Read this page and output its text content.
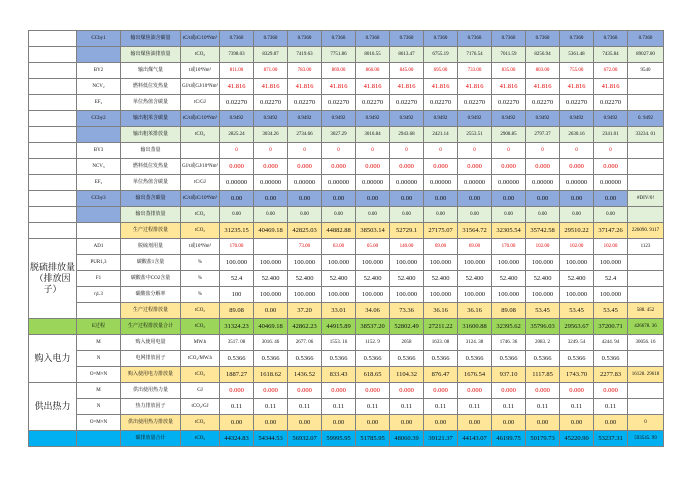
	CCby1	输出煤焦油含碳量	tC/t或tC/10⁴Nm³	0.7360	0.7360	0.7360	0.7360	0.7360	0.7360	0.7360	0.7360	0.7360	0.7360	0.7360	0.7360	0.7360
		输出煤焦油排放量	tCO₂	7398.03	8329.87	7419.63	7751.86	8016.55	8613.47	6755.19	7176.54	7011.59	8256.94	5361.48	7435.84	89027.00
	BY2	输出煤气量	t或10⁴Nm³	811.00	871.00	783.00	869.00	866.00	845.00	695.00	733.00	835.00	803.00	755.00	672.00	9540
	NCV₂	燃料低位发热量	GJ/t或GJ/10⁴Nm³	41.816	41.816	41.816	41.816	41.816	41.816	41.816	41.816	41.816	41.816	41.816	41.816	
	EF₂	单位热值含碳量	tC/GJ	0.02270	0.02270	0.02270	0.02270	0.02270	0.02270	0.02270	0.02270	0.02270	0.02270	0.02270	0.02270	
	CCby2	输出粗苯含碳量	tC/t或tC/10⁴Nm³	0.9492	0.9492	0.9492	0.9492	0.9492	0.9492	0.9492	0.9492	0.9492	0.9492	0.9492	0.9492	0. 9492
		输出粗苯排放量	tCO₂	2825.24	3034.26	2734.66	3027.29	3016.84	2943.68	2421.14	2553.51	2908.85	2797.37	2630.16	2341.01	33234. 01
	BY3	输出蒸量		0	0	0	0	0	0	0	0	0	0	0	0	
	NCV₃	燃料低位发热量	GJ/t或GJ/10⁴Nm³	0.000	0.000	0.000	0.000	0.000	0.000	0.000	0.000	0.000	0.000	0.000	0.000	
	EF₃	单位热值含碳量	tC/GJ	0.00000	0.00000	0.00000	0.00000	0.00000	0.00000	0.00000	0.00000	0.00000	0.00000	0.00000	0.00000	
	CCby3	输出蒸含碳量	tC/t或tC/10⁴Nm³	0.00	0.00	0.00	0.00	0.00	0.00	0.00	0.00	0.00	0.00	0.00	0.00	#DIV/0!
		输出蒸排放量	tCO₂	0.00	0.00	0.00	0.00	0.00	0.00	0.00	0.00	0.00	0.00	0.00	0.00	
		生产过程排放量	tCO₂	31235.15	40469.18	42825.03	44882.88	38503.14	52729.1	27175.07	31564.72	32305.54	35742.58	29510.22	37147.26	226090. 9117
脱硫排放量（排放因子）	AD1	脱硫剂用量	t或10⁴Nm³	170.00		73.00	63.00	65.00	140.00	69.00	69.00	170.00	102.00	102.00	102.00	1123
	PUR1,3	碳酸盐1含量	%	100.000	100.000	100.000	100.000	100.000	100.000	100.000	100.000	100.000	100.000	100.000	100.000	
	F1	碳酸盐中CO2含量	%	52.4	52.400	52.400	52.400	52.400	52.400	52.400	52.400	52.400	52.400	52.400	52.4	
	η1.3	碳酸盐分解率	%	100	100.000	100.000	100.000	100.000	100.000	100.000	100.000	100.000	100.000	100.000	100.000	
		生产过程排放量	tCO₂	89.08	0.00	37.20	33.01	34.06	73.36	36.16	36.16	89.08	53.45	53.45	53.45	588. 452
	E过程	生产过程排放量合计	tCO₂	31324.23	40469.18	42862.23	44915.89	38537.20	52802.49	27211.22	31600.88	32395.62	35796.03	29563.67	37200.71	426678. 36
购入电力	M	购入使用电量	MW.h	3517. 08	3016. 46	2677. 06	1553. 16	1152. 9	2058	1633. 08	3124. 38	1746. 36	2083. 2	3249. 54	4244. 94	30056. 16
	N	电网排放因子	tCO₂/MW.h	0.5366	0.5366	0.5366	0.5366	0.5366	0.5366	0.5366	0.5366	0.5366	0.5366	0.5366	0.5366	
	O=M×N	购入使用电力排放量	tCO₂	1887.27	1618.62	1436.52	833.43	618.65	1104.32	876.47	1676.54	937.10	1117.85	1743.70	2277.83	16128. 29618
供出热力	M	供出使用热力量	GJ	0.000	0.000	0.000	0.000	0.000	0.000	0.000	0.000	0.000	0.000	0.000	0.000	
	N	热力排放因子	tCO₂/GJ	0.11	0.11	0.11	0.11	0.11	0.11	0.11	0.11	0.11	0.11	0.11	0.11	
	O=M×N	供出使用热力排放量	tCO₂	0.00	0.00	0.00	0.00	0.00	0.00	0.00	0.00	0.00	0.00	0.00	0.00	0
		碳排放量合计	tCO₂	44324.83	54344.53	56932.07	59995.95	51785.95	48060.39	39121.37	44143.07	46199.75	50179.73	45220.90	53237.31	593545. 99
